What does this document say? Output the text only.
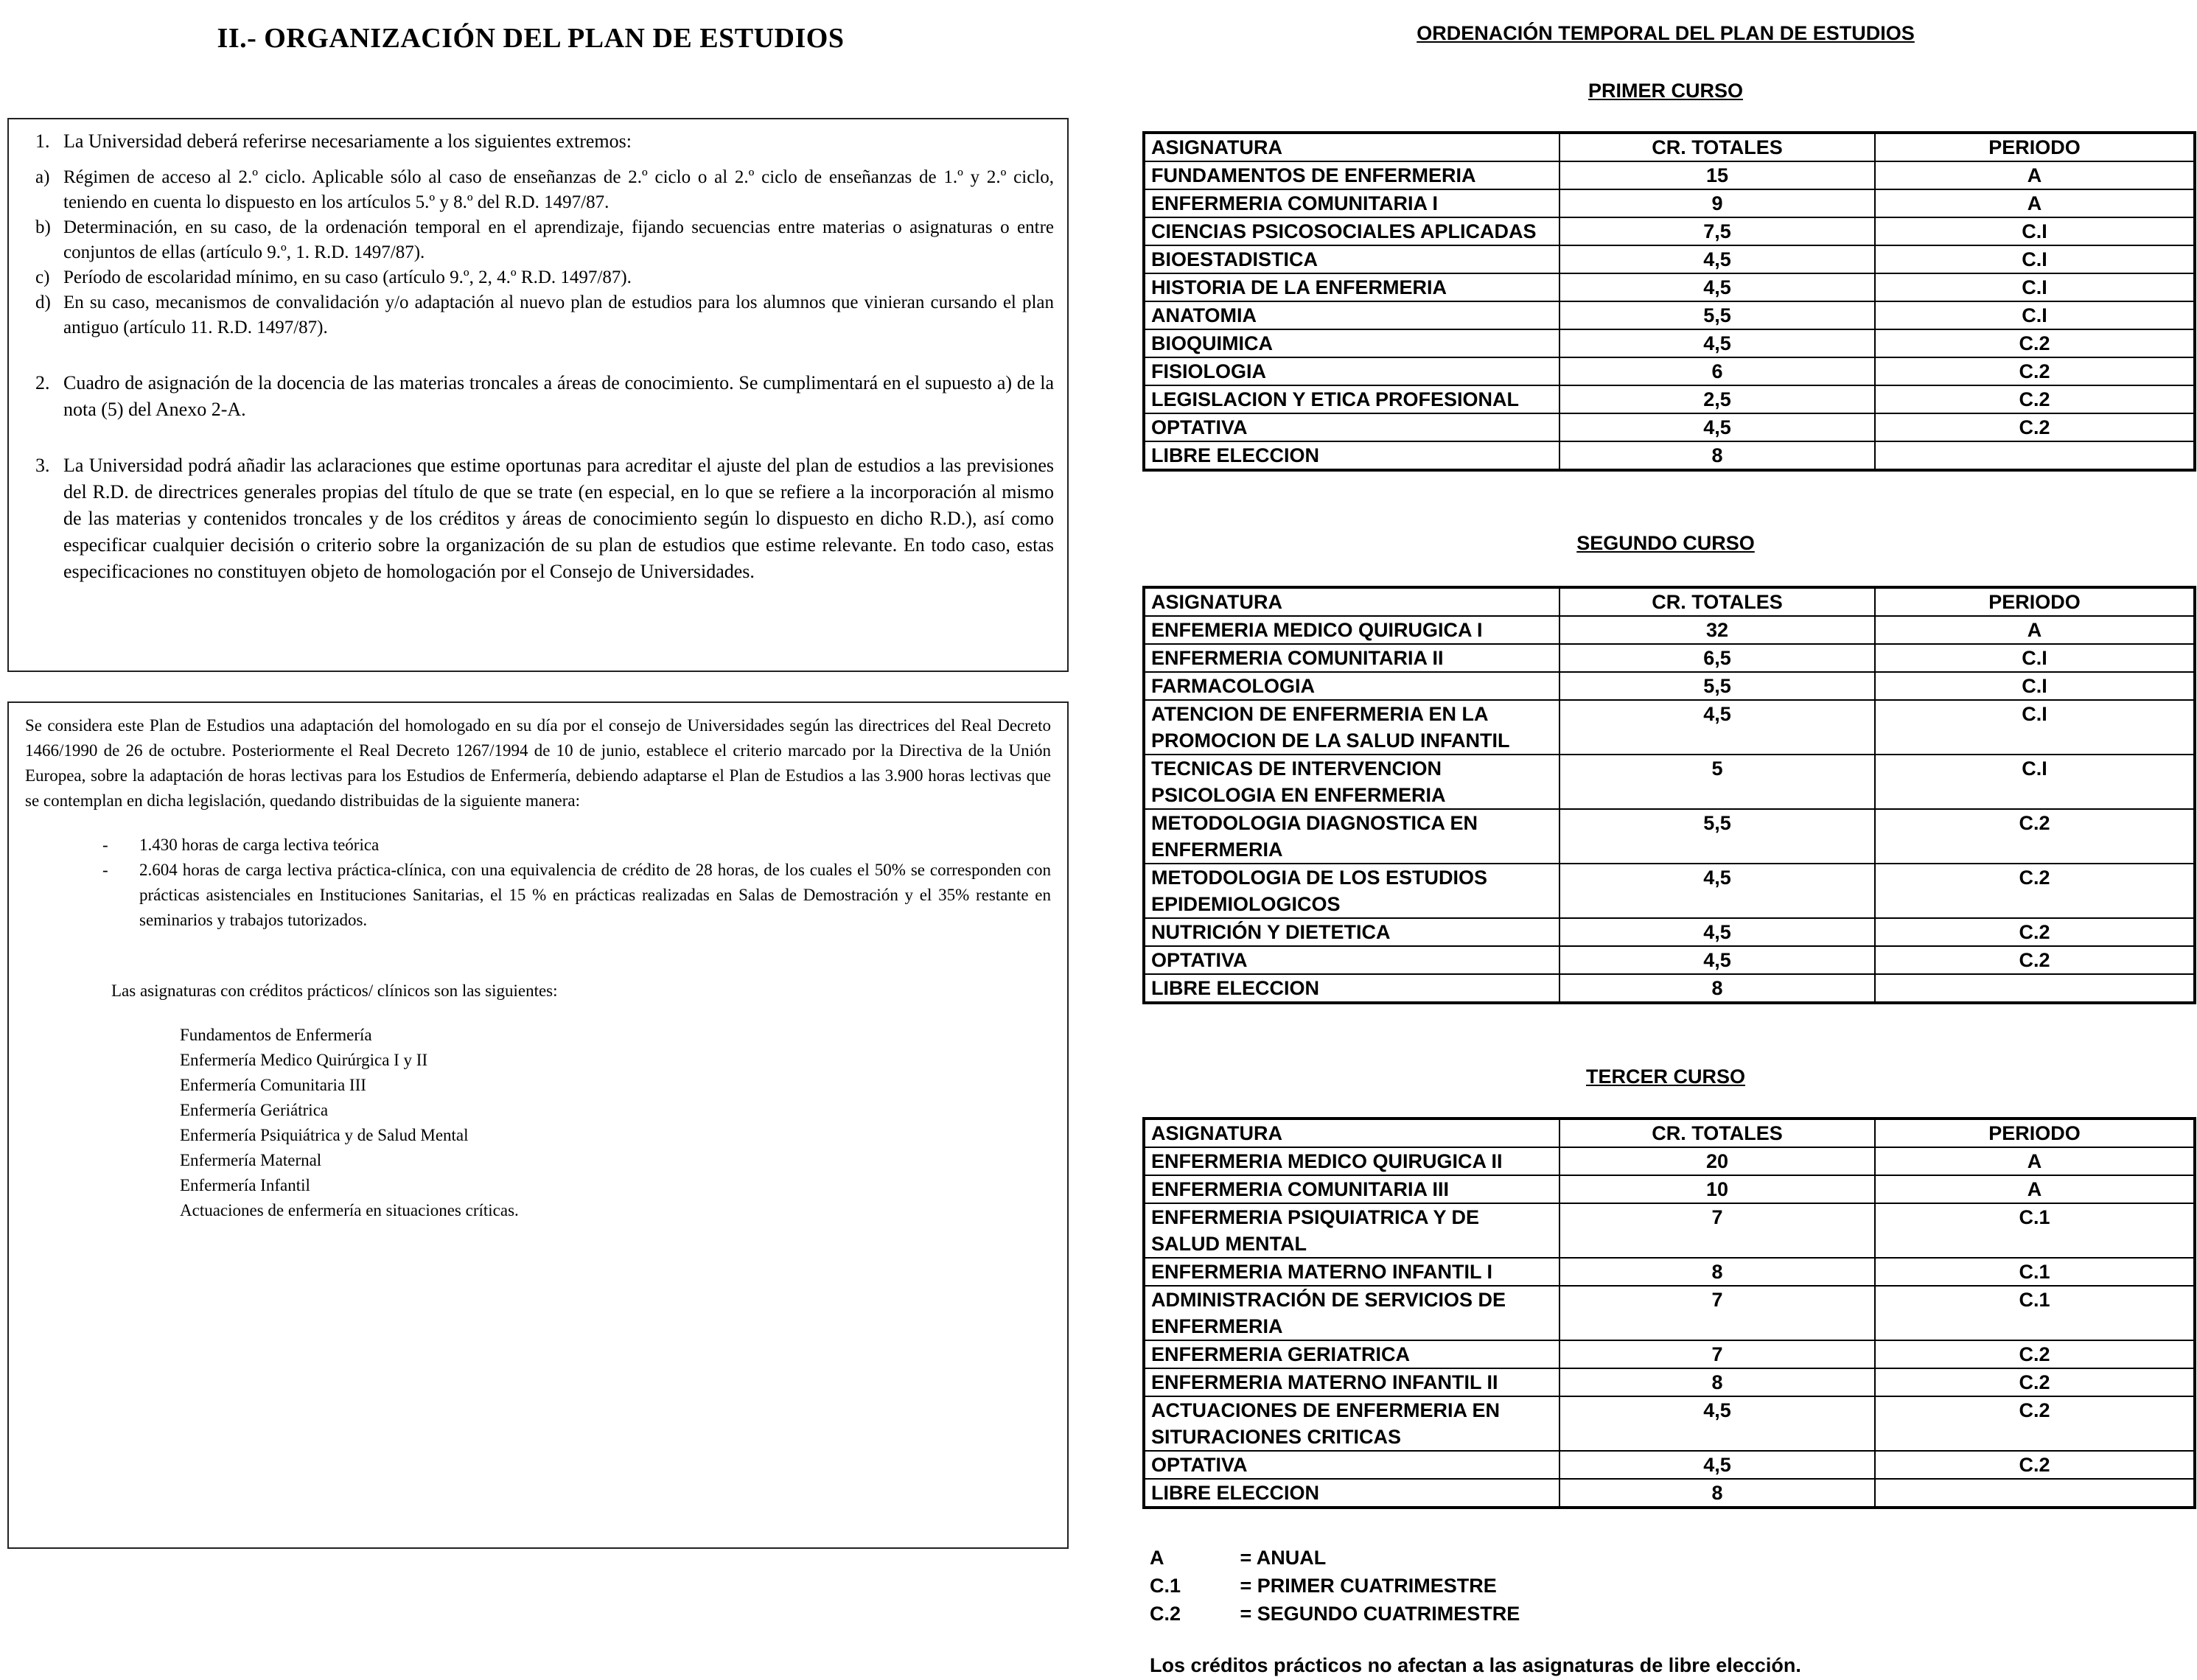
II.- ORGANIZACIÓN DEL PLAN DE ESTUDIOS
1. La Universidad deberá referirse necesariamente a los siguientes extremos:
a) Régimen de acceso al 2.º ciclo. Aplicable sólo al caso de enseñanzas de 2.º ciclo o al 2.º ciclo de enseñanzas de 1.º y 2.º ciclo, teniendo en cuenta lo dispuesto en los artículos 5.º y 8.º del R.D. 1497/87.
b) Determinación, en su caso, de la ordenación temporal en el aprendizaje, fijando secuencias entre materias o asignaturas o entre conjuntos de ellas (artículo 9.º, 1. R.D. 1497/87).
c) Período de escolaridad mínimo, en su caso (artículo 9.º, 2, 4.º R.D. 1497/87).
d) En su caso, mecanismos de convalidación y/o adaptación al nuevo plan de estudios para los alumnos que vinieran cursando el plan antiguo (artículo 11. R.D. 1497/87).
2. Cuadro de asignación de la docencia de las materias troncales a áreas de conocimiento. Se cumplimentará en el supuesto a) de la nota (5) del Anexo 2-A.
3. La Universidad podrá añadir las aclaraciones que estime oportunas para acreditar el ajuste del plan de estudios a las previsiones del R.D. de directrices generales propias del título de que se trate (en especial, en lo que se refiere a la incorporación al mismo de las materias y contenidos troncales y de los créditos y áreas de conocimiento según lo dispuesto en dicho R.D.), así como especificar cualquier decisión o criterio sobre la organización de su plan de estudios que estime relevante. En todo caso, estas especificaciones no constituyen objeto de homologación por el Consejo de Universidades.
Se considera este Plan de Estudios una adaptación del homologado en su día por el consejo de Universidades según las directrices del Real Decreto 1466/1990 de 26 de octubre. Posteriormente el Real Decreto 1267/1994 de 10 de junio, establece el criterio marcado por la Directiva de la Unión Europea, sobre la adaptación de horas lectivas para los Estudios de Enfermería, debiendo adaptarse el Plan de Estudios a las 3.900 horas lectivas que se contemplan en dicha legislación, quedando distribuidas de la siguiente manera:
- 1.430 horas de carga lectiva teórica
- 2.604 horas de carga lectiva práctica-clínica, con una equivalencia de crédito de 28 horas, de los cuales el 50% se corresponden con prácticas asistenciales en Instituciones Sanitarias, el 15 % en prácticas realizadas en Salas de Demostración y el 35% restante en seminarios y trabajos tutorizados.
Las asignaturas con créditos prácticos/ clínicos son las siguientes:
Fundamentos de Enfermería
Enfermería Medico Quirúrgica I y II
Enfermería Comunitaria III
Enfermería Geriátrica
Enfermería Psiquiátrica y de Salud Mental
Enfermería Maternal
Enfermería Infantil
Actuaciones de enfermería en situaciones críticas.
ORDENACIÓN TEMPORAL DEL PLAN DE ESTUDIOS
PRIMER CURSO
ASIGNATURA	CR. TOTALES	PERIODO
FUNDAMENTOS DE ENFERMERIA	15	A
ENFERMERIA COMUNITARIA I	9	A
CIENCIAS PSICOSOCIALES APLICADAS	7,5	C.I
BIOESTADISTICA	4,5	C.I
HISTORIA DE LA ENFERMERIA	4,5	C.I
ANATOMIA	5,5	C.I
BIOQUIMICA	4,5	C.2
FISIOLOGIA	6	C.2
LEGISLACION Y ETICA PROFESIONAL	2,5	C.2
OPTATIVA	4,5	C.2
LIBRE ELECCION	8	
SEGUNDO CURSO
ASIGNATURA	CR. TOTALES	PERIODO
ENFEMERIA MEDICO QUIRUGICA I	32	A
ENFERMERIA COMUNITARIA II	6,5	C.I
FARMACOLOGIA	5,5	C.I
ATENCION DE ENFERMERIA EN LA PROMOCION DE LA SALUD INFANTIL	4,5	C.I
TECNICAS DE INTERVENCION PSICOLOGIA EN ENFERMERIA	5	C.I
METODOLOGIA DIAGNOSTICA EN ENFERMERIA	5,5	C.2
METODOLOGIA DE LOS ESTUDIOS EPIDEMIOLOGICOS	4,5	C.2
NUTRICIÓN Y DIETETICA	4,5	C.2
OPTATIVA	4,5	C.2
LIBRE ELECCION	8	
TERCER CURSO
ASIGNATURA	CR. TOTALES	PERIODO
ENFERMERIA MEDICO QUIRUGICA II	20	A
ENFERMERIA COMUNITARIA III	10	A
ENFERMERIA PSIQUIATRICA Y DE SALUD MENTAL	7	C.1
ENFERMERIA MATERNO INFANTIL I	8	C.1
ADMINISTRACIÓN DE SERVICIOS DE ENFERMERIA	7	C.1
ENFERMERIA GERIATRICA	7	C.2
ENFERMERIA MATERNO INFANTIL II	8	C.2
ACTUACIONES DE ENFERMERIA EN SITURACIONES CRITICAS	4,5	C.2
OPTATIVA	4,5	C.2
LIBRE ELECCION	8	
A	= ANUAL
C.1	= PRIMER CUATRIMESTRE
C.2	= SEGUNDO CUATRIMESTRE
Los créditos prácticos no afectan a las asignaturas de libre elección.
